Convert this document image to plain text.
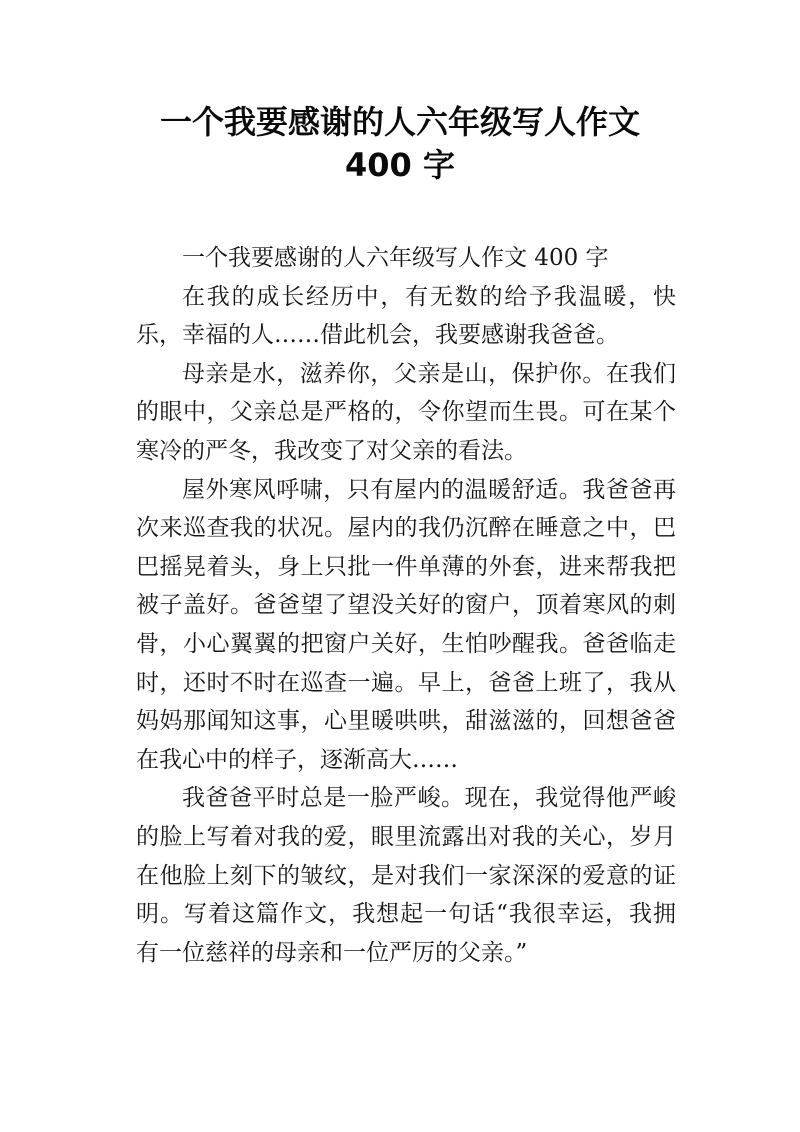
一个我要感谢的人六年级写人作文
400 字

一个我要感谢的人六年级写人作文 400 字

在我的成长经历中，有无数的给予我温暖，快乐，幸福的人……借此机会，我要感谢我爸爸。

母亲是水，滋养你，父亲是山，保护你。在我们的眼中，父亲总是严格的，令你望而生畏。可在某个寒冷的严冬，我改变了对父亲的看法。

屋外寒风呼啸，只有屋内的温暖舒适。我爸爸再次来巡查我的状况。屋内的我仍沉醉在睡意之中，巴巴摇晃着头，身上只批一件单薄的外套，进来帮我把被子盖好。爸爸望了望没关好的窗户，顶着寒风的刺骨，小心翼翼的把窗户关好，生怕吵醒我。爸爸临走时，还时不时在巡查一遍。早上，爸爸上班了，我从妈妈那闻知这事，心里暖哄哄，甜滋滋的，回想爸爸在我心中的样子，逐渐高大……

我爸爸平时总是一脸严峻。现在，我觉得他严峻的脸上写着对我的爱，眼里流露出对我的关心，岁月在他脸上刻下的皱纹，是对我们一家深深的爱意的证明。写着这篇作文，我想起一句话“我很幸运，我拥有一位慈祥的母亲和一位严厉的父亲。”
